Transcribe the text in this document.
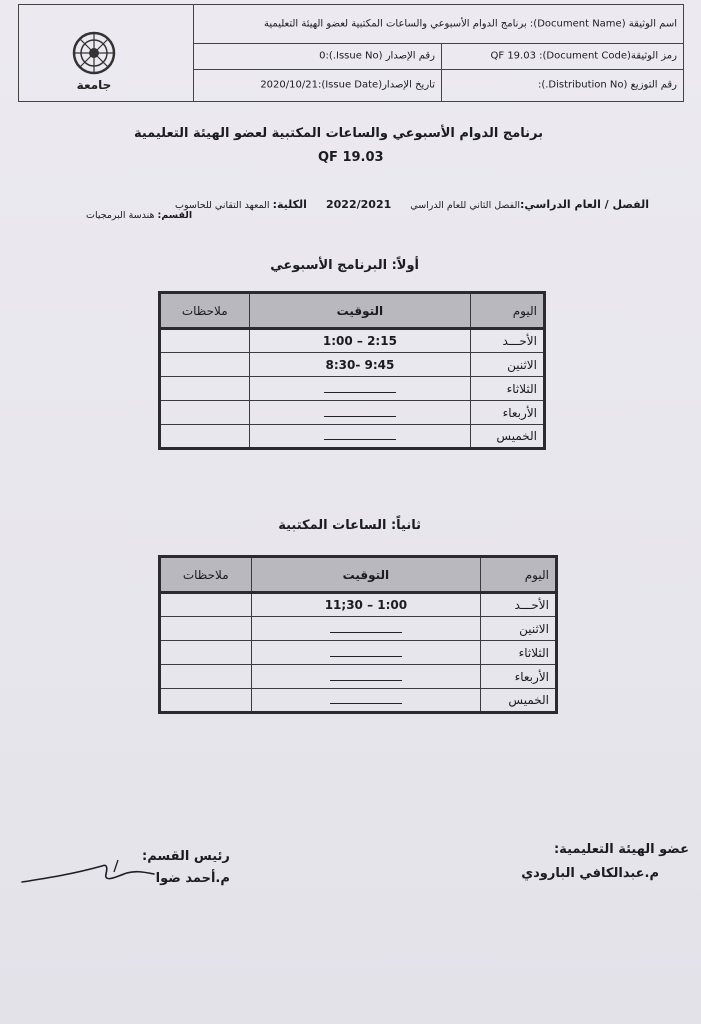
جامعة
اسم الوثيقة (Document Name): برنامج الدوام الأسبوعي والساعات المكتبية لعضو الهيئة التعليمية
رقم الإصدار (Issue No.):0	رمز الوثيقة(Document Code): QF 19.03
تاريخ الإصدار(Issue Date):2020/10/21	رقم التوزيع (Distribution No.):
برنامج الدوام الأسبوعي والساعات المكتبية لعضو الهيئة التعليمية
QF 19.03
الفصل / العام الدراسي:الفصل الثاني للعام الدراسي 2022/2021 الكلية: المعهد التقاني للحاسوب
القسم: هندسة البرمجيات
أولاً: البرنامج الأسبوعي
ملاحظات	التوقيت	اليوم
	1:00 – 2:15	الأحـــد
	8:30- 9:45	الاثنين
		الثلاثاء
		الأربعاء
		الخميس
ثانياً: الساعات المكتبية
ملاحظات	التوقيت	اليوم
	11;30 – 1:00	الأحـــد
		الاثنين
		الثلاثاء
		الأربعاء
		الخميس
عضو الهيئة التعليمية:
م.عبدالكافي البارودي
رئيس القسم:
م.أحمد ضوا
